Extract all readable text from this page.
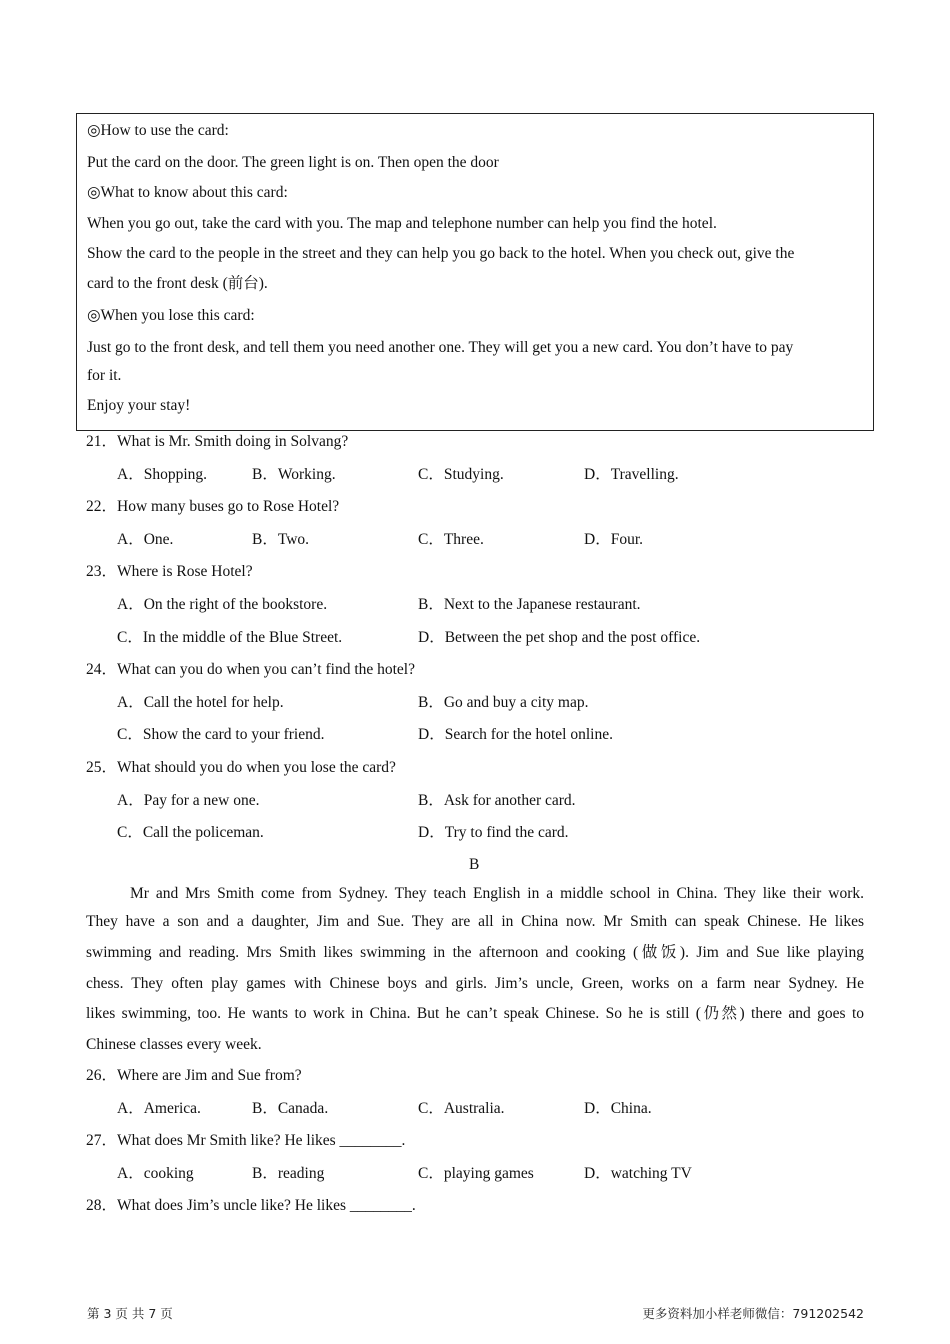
◎How to use the card:
Put the card on the door. The green light is on. Then open the door
◎What to know about this card:
When you go out, take the card with you. The map and telephone number can help you find the hotel.
Show the card to the people in the street and they can help you go back to the hotel. When you check out, give the
card to the front desk (前台).
◎When you lose this card:
Just go to the front desk, and tell them you need another one. They will get you a new card. You don’t have to pay
for it.
Enjoy your stay!
21．What is Mr. Smith doing in Solvang?
A．Shopping.	B．Working.	C．Studying.	D．Travelling.
22．How many buses go to Rose Hotel?
A．One.	B．Two.	C．Three.	D．Four.
23．Where is Rose Hotel?
A．On the right of the bookstore.	B．Next to the Japanese restaurant.
C．In the middle of the Blue Street.	D．Between the pet shop and the post office.
24．What can you do when you can’t find the hotel?
A．Call the hotel for help.	B．Go and buy a city map.
C．Show the card to your friend.	D．Search for the hotel online.
25．What should you do when you lose the card?
A．Pay for a new one.	B．Ask for another card.
C．Call the policeman.	D．Try to find the card.
B
Mr and Mrs Smith come from Sydney. They teach English in a middle school in China. They like their work.
They have a son and a daughter, Jim and Sue. They are all in China now. Mr Smith can speak Chinese. He likes
swimming and reading. Mrs Smith likes swimming in the afternoon and cooking (做饭). Jim and Sue like playing
chess. They often play games with Chinese boys and girls. Jim’s uncle, Green, works on a farm near Sydney. He
likes swimming, too. He wants to work in China. But he can’t speak Chinese. So he is still (仍然) there and goes to
Chinese classes every week.
26．Where are Jim and Sue from?
A．America.	B．Canada.	C．Australia.	D．China.
27．What does Mr Smith like? He likes ________.
A．cooking	B．reading	C．playing games	D．watching TV
28．What does Jim’s uncle like? He likes ________.
第 3 页 共 7 页	更多资料加小样老师微信：791202542
